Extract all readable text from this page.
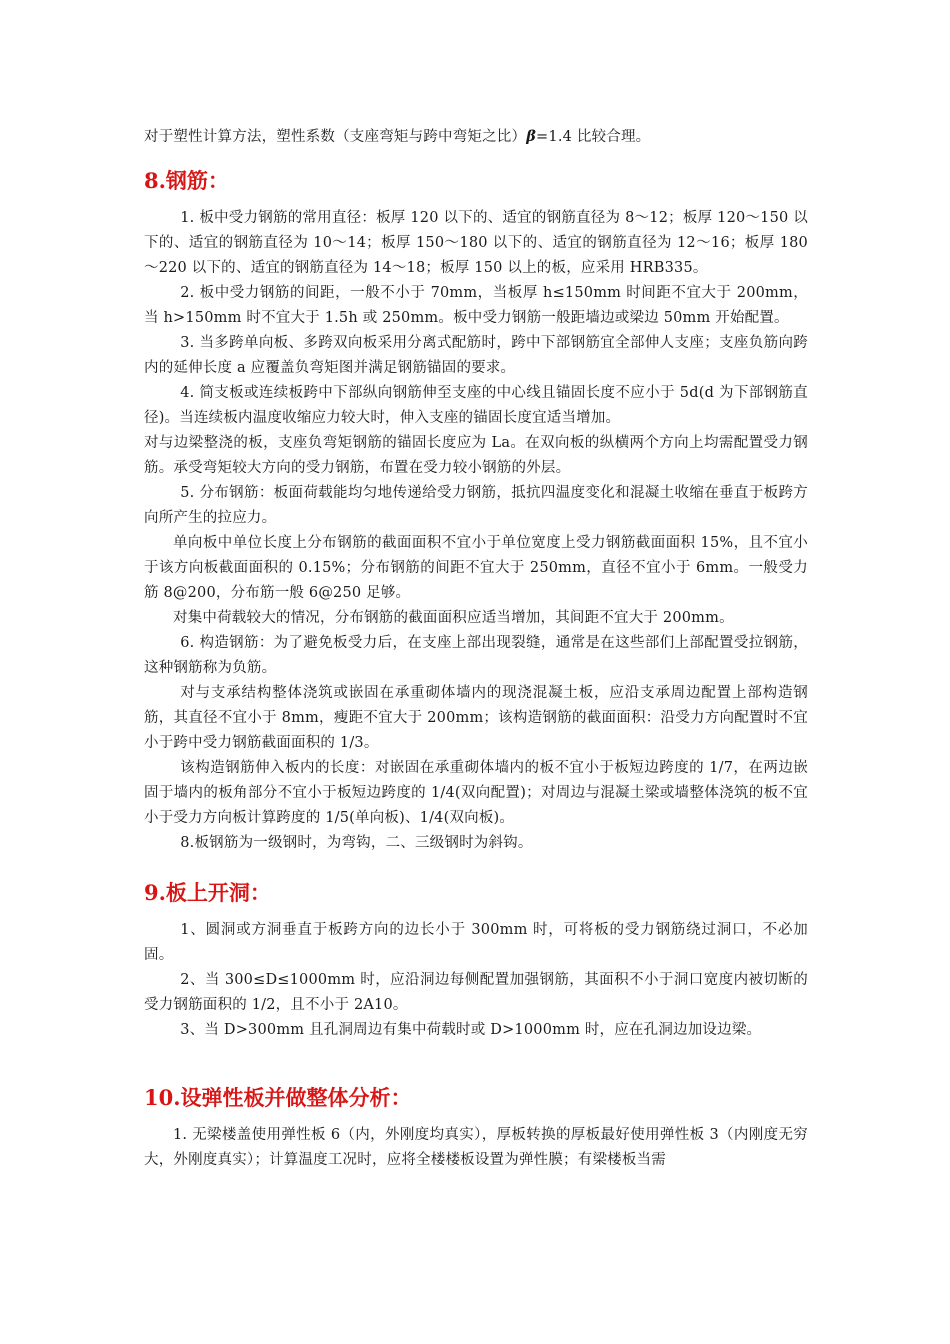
对于塑性计算方法，塑性系数（支座弯矩与跨中弯矩之比）β=1.4 比较合理。

8.钢筋：

1. 板中受力钢筋的常用直径：板厚 120 以下的、适宜的钢筋直径为 8～12；板厚 120～150 以下的、适宜的钢筋直径为 10～14；板厚 150～180 以下的、适宜的钢筋直径为 12～16；板厚 180～220 以下的、适宜的钢筋直径为 14～18；板厚 150 以上的板，应采用 HRB335。

2. 板中受力钢筋的间距，一般不小于 70mm，当板厚 h≤150mm 时间距不宜大于 200mm，当 h>150mm 时不宜大于 1.5h 或 250mm。板中受力钢筋一般距墙边或梁边 50mm 开始配置。

3. 当多跨单向板、多跨双向板采用分离式配筋时，跨中下部钢筋宜全部伸人支座；支座负筋向跨内的延伸长度 a 应覆盖负弯矩图并满足钢筋锚固的要求。

4. 简支板或连续板跨中下部纵向钢筋伸至支座的中心线且锚固长度不应小于 5d(d 为下部钢筋直径)。当连续板内温度收缩应力较大时，伸入支座的锚固长度宜适当增加。

对与边梁整浇的板，支座负弯矩钢筋的锚固长度应为 La。在双向板的纵横两个方向上均需配置受力钢筋。承受弯矩较大方向的受力钢筋，布置在受力较小钢筋的外层。

5. 分布钢筋：板面荷载能均匀地传递给受力钢筋，抵抗四温度变化和混凝土收缩在垂直于板跨方向所产生的拉应力。

单向板中单位长度上分布钢筋的截面面积不宜小于单位宽度上受力钢筋截面面积 15%，且不宜小于该方向板截面面积的 0.15%；分布钢筋的间距不宜大于 250mm，直径不宜小于 6mm。一般受力筋 8@200，分布筋一般 6@250 足够。

对集中荷载较大的情况，分布钢筋的截面面积应适当增加，其间距不宜大于 200mm。

6. 构造钢筋：为了避免板受力后，在支座上部出现裂缝，通常是在这些部们上部配置受拉钢筋，这种钢筋称为负筋。

对与支承结构整体浇筑或嵌固在承重砌体墙内的现浇混凝土板，应沿支承周边配置上部构造钢筋，其直径不宜小于 8mm，瘦距不宜大于 200mm；该构造钢筋的截面面积：沿受力方向配置时不宜小于跨中受力钢筋截面面积的 1/3。

该构造钢筋伸入板内的长度：对嵌固在承重砌体墙内的板不宜小于板短边跨度的 1/7，在两边嵌固于墙内的板角部分不宜小于板短边跨度的 1/4(双向配置)；对周边与混凝土梁或墙整体浇筑的板不宜小于受力方向板计算跨度的 1/5(单向板)、1/4(双向板)。

8.板钢筋为一级钢时，为弯钩，二、三级钢时为斜钩。

9.板上开洞：

1、圆洞或方洞垂直于板跨方向的边长小于 300mm 时，可将板的受力钢筋绕过洞口，不必加固。

2、当 300≤D≤1000mm 时，应沿洞边每侧配置加强钢筋，其面积不小于洞口宽度内被切断的受力钢筋面积的 1/2，且不小于 2A10。

3、当 D>300mm 且孔洞周边有集中荷载时或 D>1000mm 时，应在孔洞边加设边梁。

10.设弹性板并做整体分析：

1. 无梁楼盖使用弹性板 6（内，外刚度均真实），厚板转换的厚板最好使用弹性板 3（内刚度无穷大，外刚度真实）；计算温度工况时，应将全楼楼板设置为弹性膜；有梁楼板当需
